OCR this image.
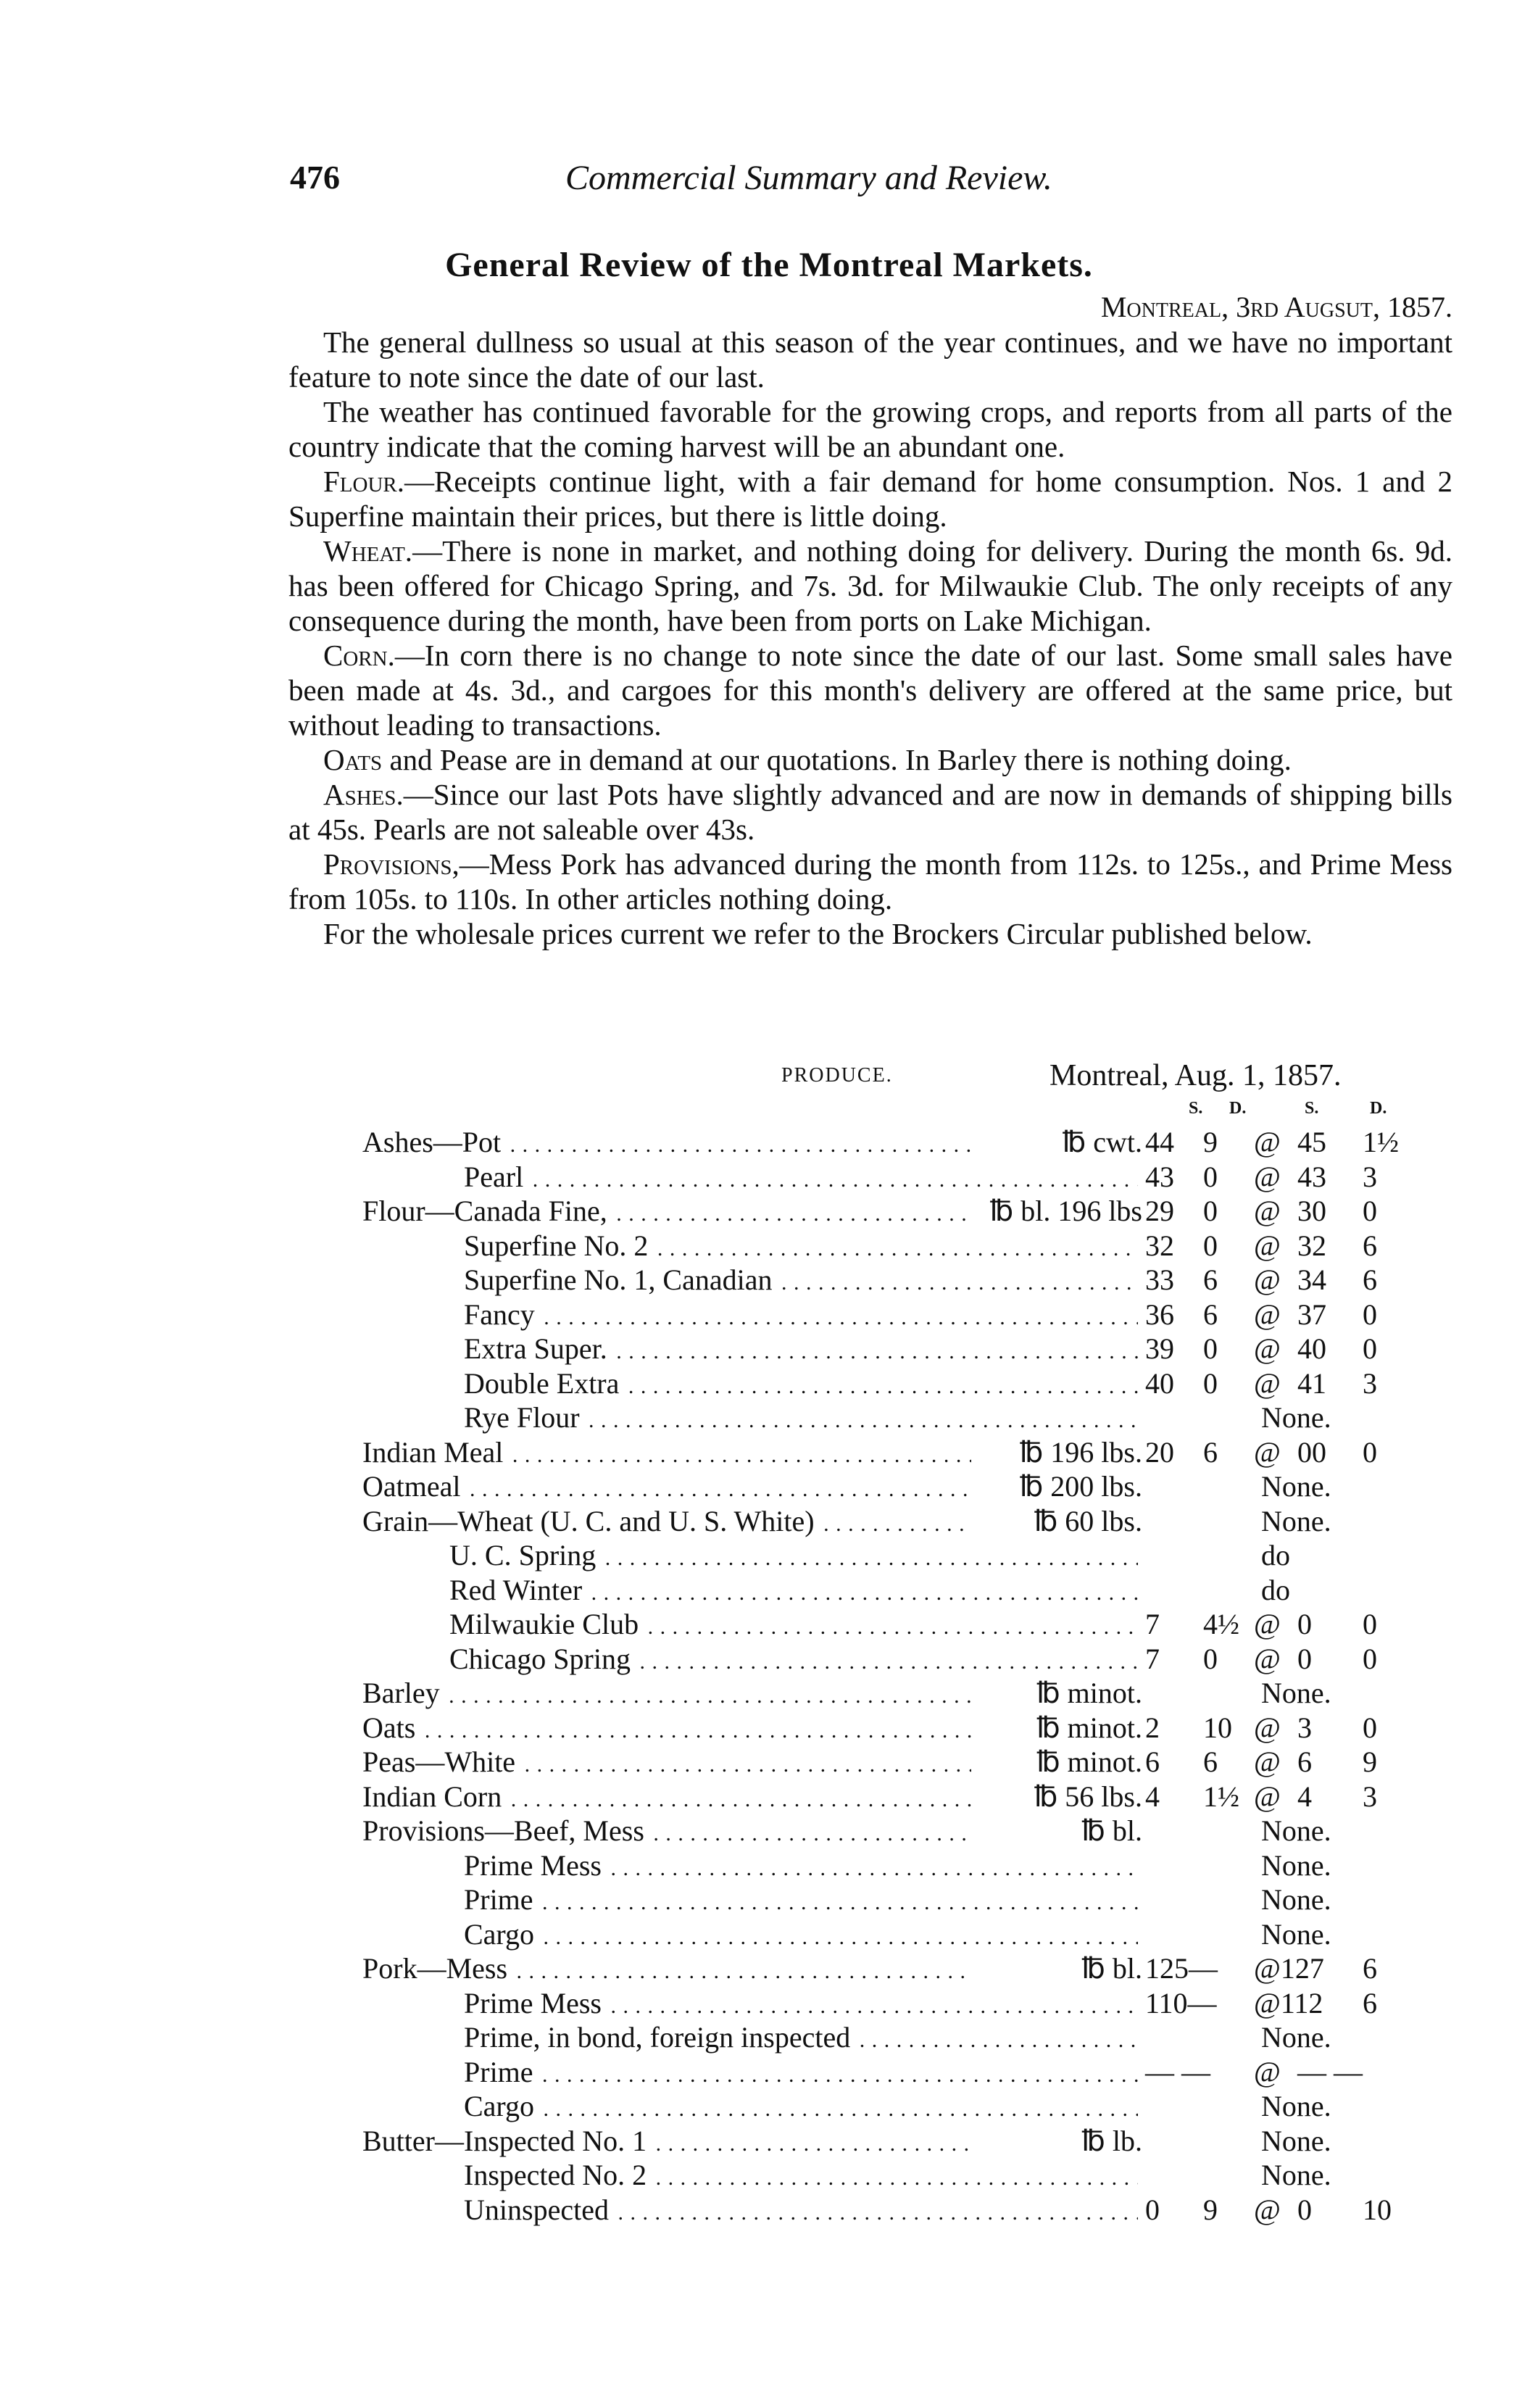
476	Commercial Summary and Review.
General Review of the Montreal Markets.
Montreal, 3rd Augsut, 1857.

The general dullness so usual at this season of the year continues, and we have no important feature to note since the date of our last.

The weather has continued favorable for the growing crops, and reports from all parts of the country indicate that the coming harvest will be an abundant one.

Flour.—Receipts continue light, with a fair demand for home consumption. Nos. 1 and 2 Superfine maintain their prices, but there is little doing.

Wheat.—There is none in market, and nothing doing for delivery. During the month 6s. 9d. has been offered for Chicago Spring, and 7s. 3d. for Milwaukie Club. The only receipts of any consequence during the month, have been from ports on Lake Michigan.

Corn.—In corn there is no change to note since the date of our last. Some small sales have been made at 4s. 3d., and cargoes for this month's delivery are offered at the same price, but without leading to transactions.

Oats and Pease are in demand at our quotations. In Barley there is nothing doing.

Ashes.—Since our last Pots have slightly advanced and are now in demands of shipping bills at 45s. Pearls are not saleable over 43s.

Provisions,—Mess Pork has advanced during the month from 112s. to 125s., and Prime Mess from 105s. to 110s. In other articles nothing doing.

For the wholesale prices current we refer to the Brockers Circular published below.

PRODUCE.	Montreal, Aug. 1, 1857.
S. D.	S.	D.
Ashes—Pot . . .	℔ cwt. 44 9 @ 45 1½
Pearl . . .	43 0 @ 43 3
Flour—Canada Fine, . . .	℔ bl. 196 lbs 29 0 @ 30 0
Superfine No. 2 . . .	32 0 @ 32 6
Superfine No. 1, Canadian . . .	33 6 @ 34 6
Fancy . . .	36 6 @ 37 0
Extra Super. . . .	39 0 @ 40 0
Double Extra . . .	40 0 @ 41 3
Rye Flour . . .	None.
Indian Meal . . .	℔ 196 lbs. 20 6 @ 00 0
Oatmeal . . .	℔ 200 lbs.	None.
Grain—Wheat (U. C. and U. S. White) . . .	℔ 60 lbs.	None.
U. C. Spring . . .	do
Red Winter . . .	do
Milwaukie Club . . .	7 4½ @ 0 0
Chicago Spring . . .	7 0 @ 0 0
Barley . . .	℔ minot.	None.
Oats . . .	℔ minot. 2 10 @ 3 0
Peas—White . . .	℔ minot. 6 6 @ 6 9
Indian Corn . . .	℔ 56 lbs. 4 1½ @ 4 3
Provisions—Beef, Mess . . .	℔ bl.	None.
Prime Mess . . .	None.
Prime . . .	None.
Cargo . . .	None.
Pork—Mess . . .	℔ bl. 125— @127 6
Prime Mess . . .	110— @112 6
Prime, in bond, foreign inspected . . .	None.
Prime . . .	— — @ — —
Cargo . . .	None.
Butter—Inspected No. 1 . . .	℔ lb.	None.
Inspected No. 2 . . .	None.
Uninspected . . .	0 9 @ 0 10
